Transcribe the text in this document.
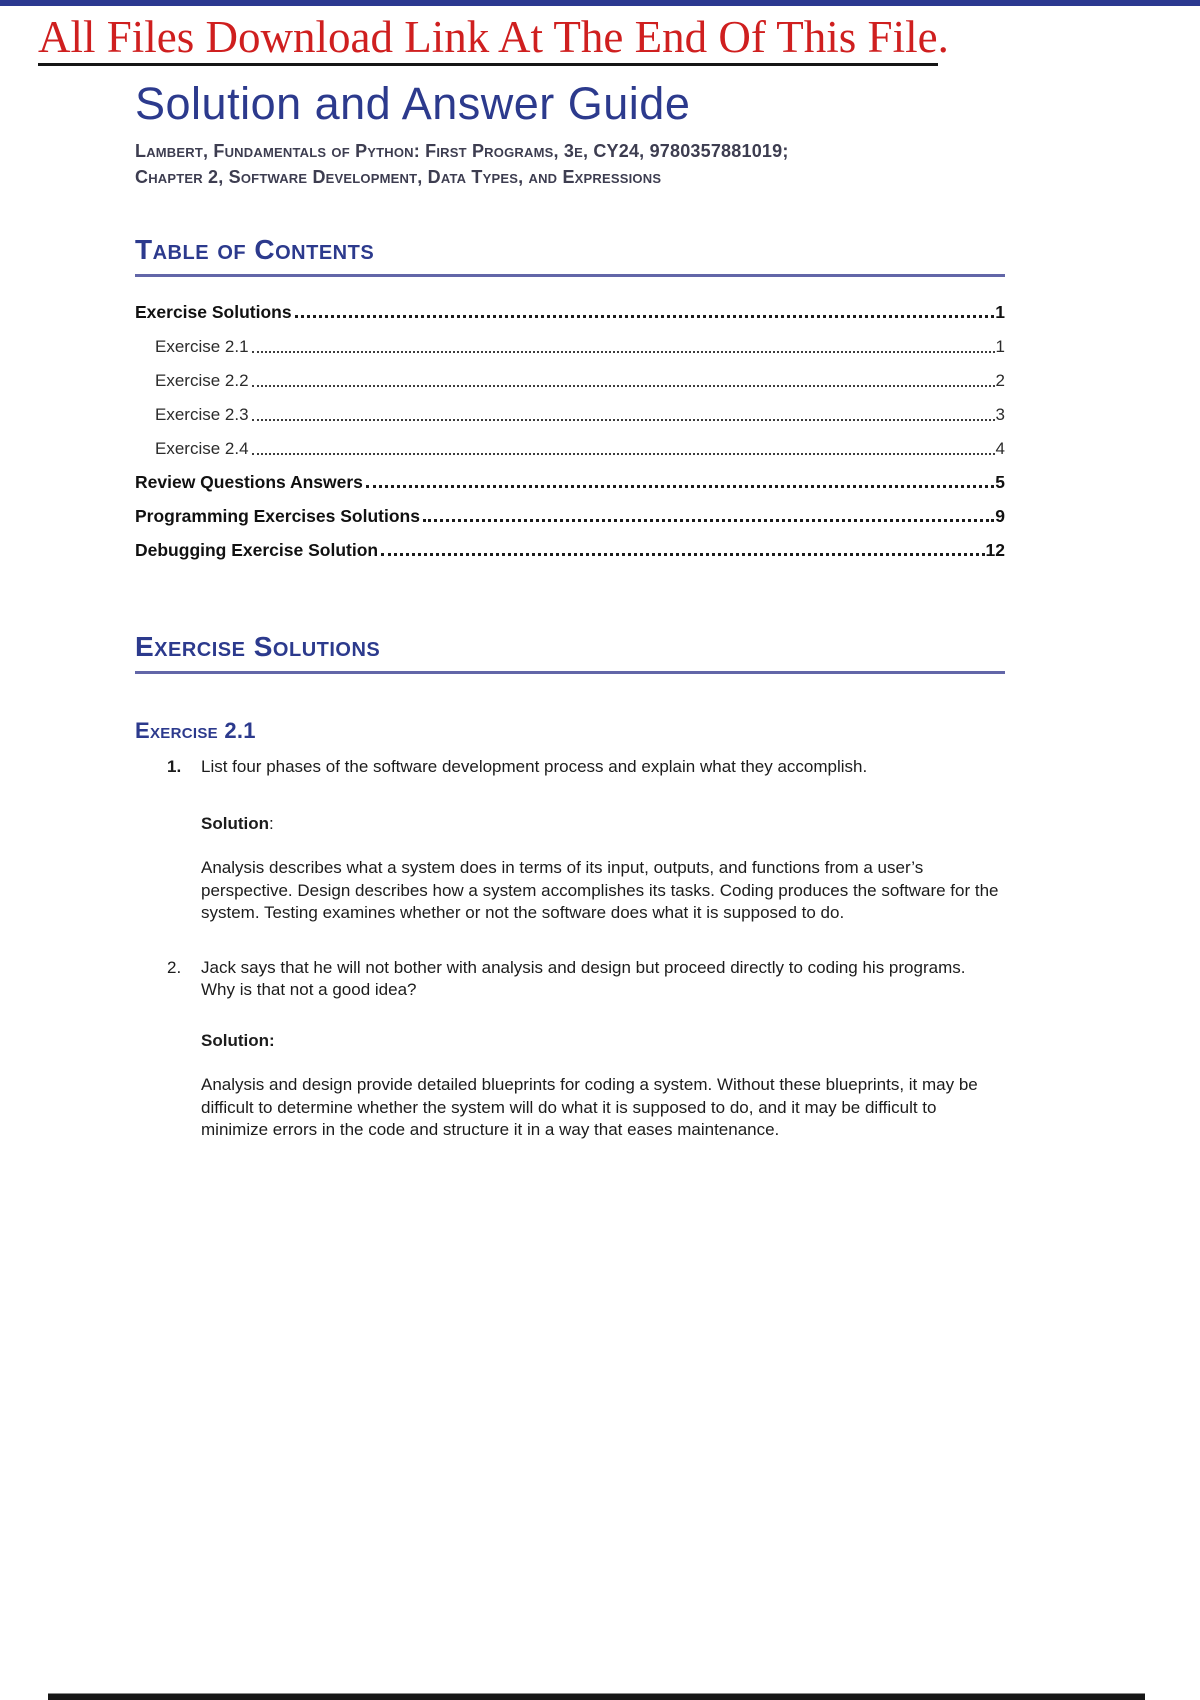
All Files Download Link At The End Of This File.
Solution and Answer Guide
Lambert, Fundamentals of Python: First Programs, 3e, CY24, 9780357881019;
Chapter 2, Software Development, Data Types, and Expressions
Table of Contents
Exercise Solutions	1
Exercise 2.1	1
Exercise 2.2	2
Exercise 2.3	3
Exercise 2.4	4
Review Questions Answers	5
Programming Exercises Solutions	9
Debugging Exercise Solution	12
Exercise Solutions
Exercise 2.1
1.	List four phases of the software development process and explain what they accomplish.
Solution:
Analysis describes what a system does in terms of its input, outputs, and functions from a user’s perspective. Design describes how a system accomplishes its tasks. Coding produces the software for the system. Testing examines whether or not the software does what it is supposed to do.
2.	Jack says that he will not bother with analysis and design but proceed directly to coding his programs. Why is that not a good idea?
Solution:
Analysis and design provide detailed blueprints for coding a system. Without these blueprints, it may be difficult to determine whether the system will do what it is supposed to do, and it may be difficult to minimize errors in the code and structure it in a way that eases maintenance.
